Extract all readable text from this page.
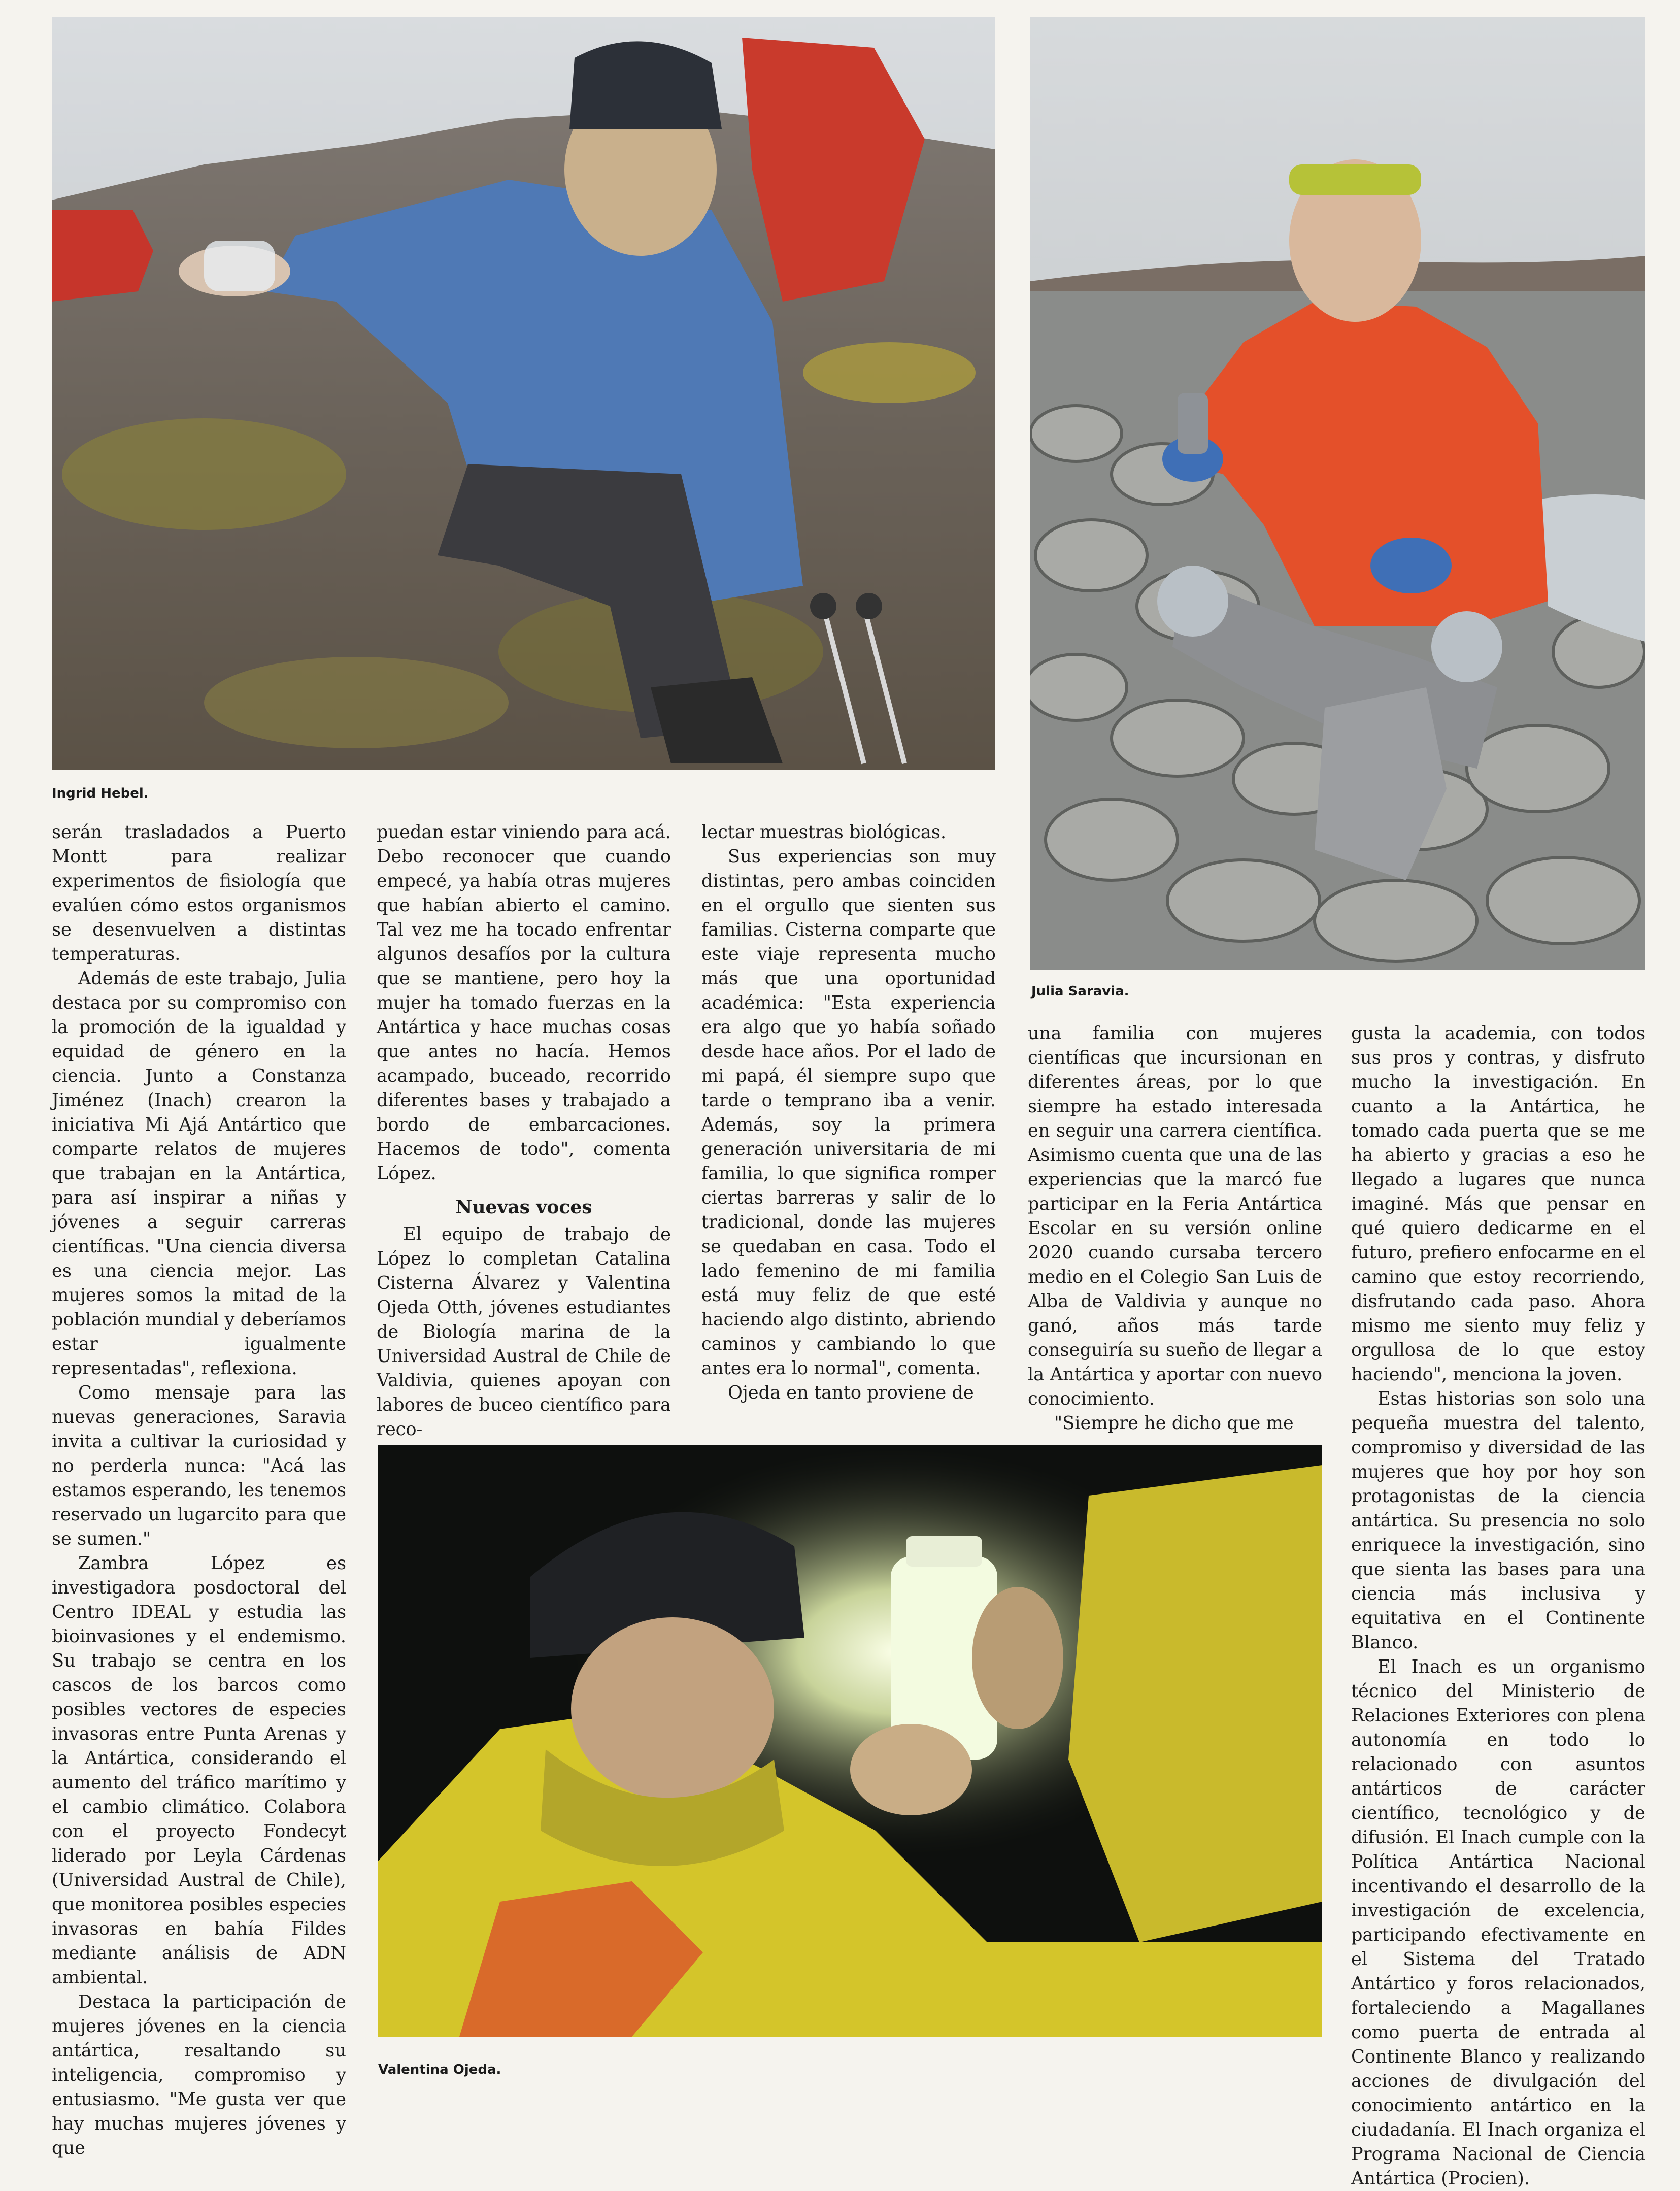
Ingrid Hebel.

Julia Saravia.

Valentina Ojeda.

serán trasladados a Puerto Montt para realizar experimentos de fisiología que evalúen cómo estos organismos se desenvuelven a distintas temperaturas.

Además de este trabajo, Julia destaca por su compromiso con la promoción de la igualdad y equidad de género en la ciencia. Junto a Constanza Jiménez (Inach) crearon la iniciativa Mi Ajá Antártico que comparte relatos de mujeres que trabajan en la Antártica, para así inspirar a niñas y jóvenes a seguir carreras científicas. "Una ciencia diversa es una ciencia mejor. Las mujeres somos la mitad de la población mundial y deberíamos estar igualmente representadas", reflexiona.

Como mensaje para las nuevas generaciones, Saravia invita a cultivar la curiosidad y no perderla nunca: "Acá las estamos esperando, les tenemos reservado un lugarcito para que se sumen."

Zambra López es investigadora posdoctoral del Centro IDEAL y estudia las bioinvasiones y el endemismo. Su trabajo se centra en los cascos de los barcos como posibles vectores de especies invasoras entre Punta Arenas y la Antártica, considerando el aumento del tráfico marítimo y el cambio climático. Colabora con el proyecto Fondecyt liderado por Leyla Cárdenas (Universidad Austral de Chile), que monitorea posibles especies invasoras en bahía Fildes mediante análisis de ADN ambiental.

Destaca la participación de mujeres jóvenes en la ciencia antártica, resaltando su inteligencia, compromiso y entusiasmo. "Me gusta ver que hay muchas mujeres jóvenes y que

puedan estar viniendo para acá. Debo reconocer que cuando empecé, ya había otras mujeres que habían abierto el camino. Tal vez me ha tocado enfrentar algunos desafíos por la cultura que se mantiene, pero hoy la mujer ha tomado fuerzas en la Antártica y hace muchas cosas que antes no hacía. Hemos acampado, buceado, recorrido diferentes bases y trabajado a bordo de embarcaciones. Hacemos de todo", comenta López.

Nuevas voces

El equipo de trabajo de López lo completan Catalina Cisterna Álvarez y Valentina Ojeda Otth, jóvenes estudiantes de Biología marina de la Universidad Austral de Chile de Valdivia, quienes apoyan con labores de buceo científico para reco-

lectar muestras biológicas.

Sus experiencias son muy distintas, pero ambas coinciden en el orgullo que sienten sus familias. Cisterna comparte que este viaje representa mucho más que una oportunidad académica: "Esta experiencia era algo que yo había soñado desde hace años. Por el lado de mi papá, él siempre supo que tarde o temprano iba a venir. Además, soy la primera generación universitaria de mi familia, lo que significa romper ciertas barreras y salir de lo tradicional, donde las mujeres se quedaban en casa. Todo el lado femenino de mi familia está muy feliz de que esté haciendo algo distinto, abriendo caminos y cambiando lo que antes era lo normal", comenta.

Ojeda en tanto proviene de

una familia con mujeres científicas que incursionan en diferentes áreas, por lo que siempre ha estado interesada en seguir una carrera científica. Asimismo cuenta que una de las experiencias que la marcó fue participar en la Feria Antártica Escolar en su versión online 2020 cuando cursaba tercero medio en el Colegio San Luis de Alba de Valdivia y aunque no ganó, años más tarde conseguiría su sueño de llegar a la Antártica y aportar con nuevo conocimiento.

"Siempre he dicho que me

gusta la academia, con todos sus pros y contras, y disfruto mucho la investigación. En cuanto a la Antártica, he tomado cada puerta que se me ha abierto y gracias a eso he llegado a lugares que nunca imaginé. Más que pensar en qué quiero dedicarme en el futuro, prefiero enfocarme en el camino que estoy recorriendo, disfrutando cada paso. Ahora mismo me siento muy feliz y orgullosa de lo que estoy haciendo", menciona la joven.

Estas historias son solo una pequeña muestra del talento, compromiso y diversidad de las mujeres que hoy por hoy son protagonistas de la ciencia antártica. Su presencia no solo enriquece la investigación, sino que sienta las bases para una ciencia más inclusiva y equitativa en el Continente Blanco.

El Inach es un organismo técnico del Ministerio de Relaciones Exteriores con plena autonomía en todo lo relacionado con asuntos antárticos de carácter científico, tecnológico y de difusión. El Inach cumple con la Política Antártica Nacional incentivando el desarrollo de la investigación de excelencia, participando efectivamente en el Sistema del Tratado Antártico y foros relacionados, fortaleciendo a Magallanes como puerta de entrada al Continente Blanco y realizando acciones de divulgación del conocimiento antártico en la ciudadanía. El Inach organiza el Programa Nacional de Ciencia Antártica (Procien).
